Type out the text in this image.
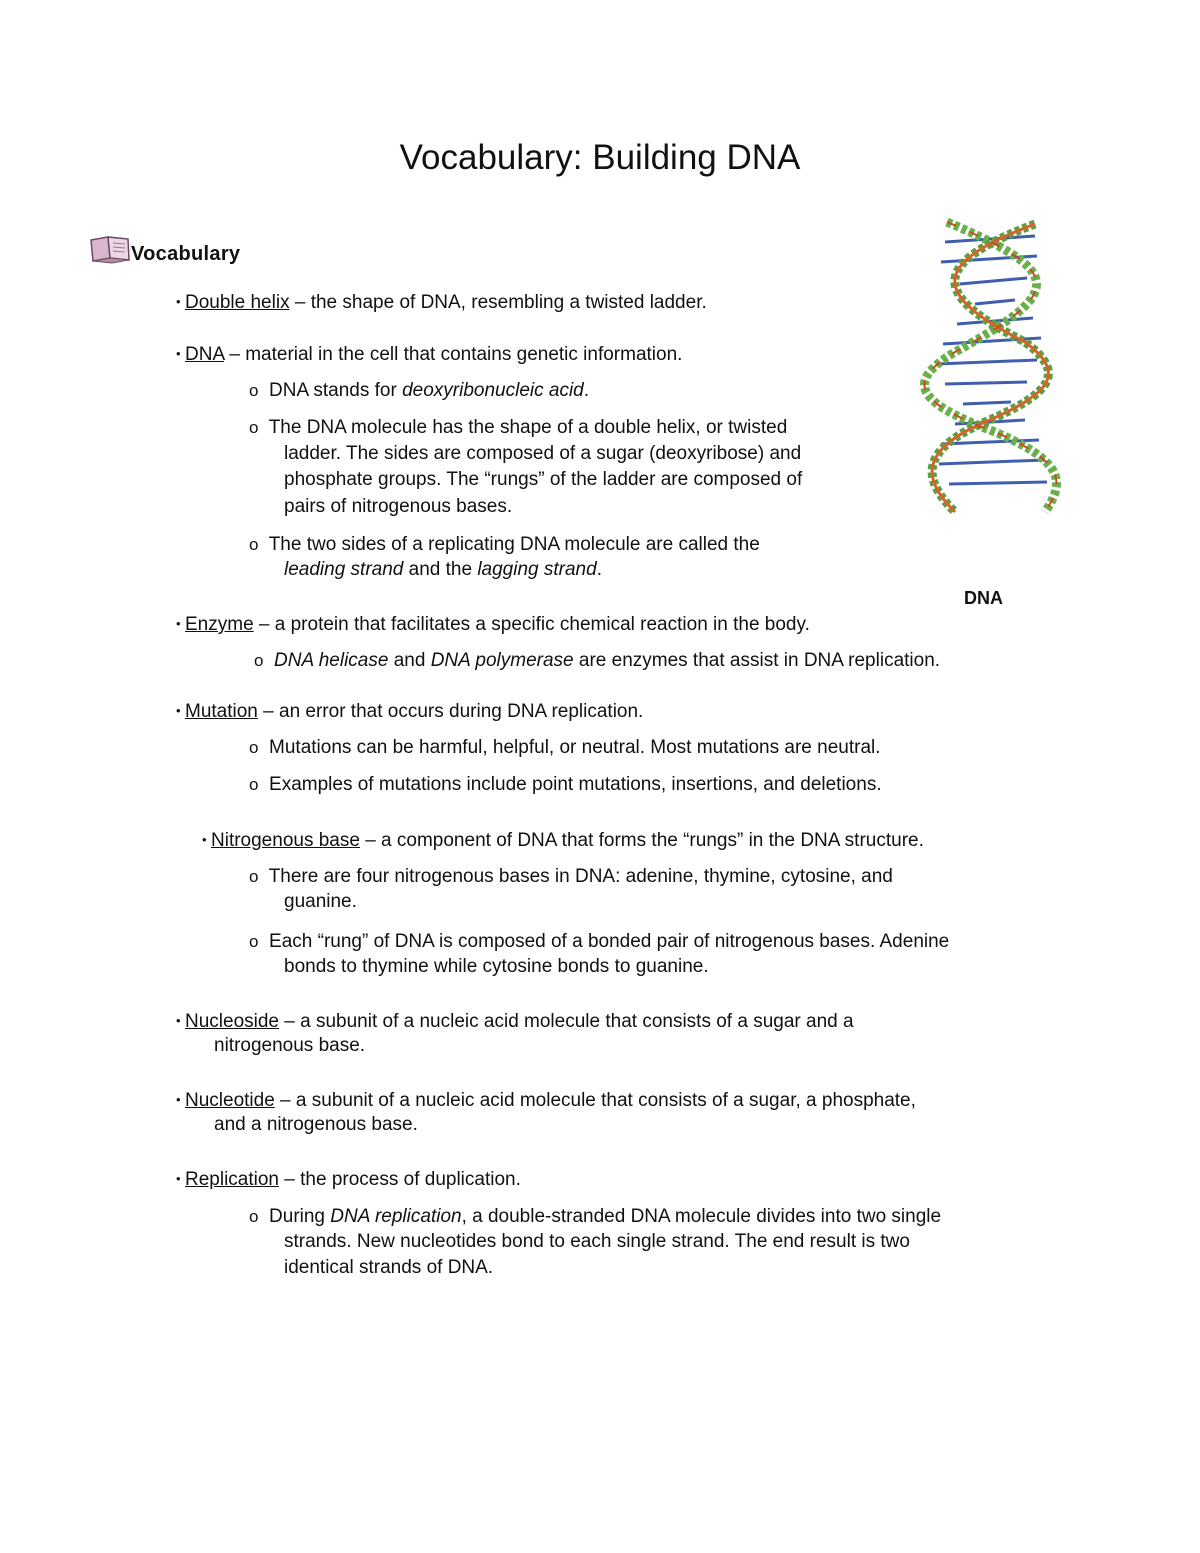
Vocabulary: Building DNA
Vocabulary
DNA
• Double helix – the shape of DNA, resembling a twisted ladder.
• DNA – material in the cell that contains genetic information.
o DNA stands for deoxyribonucleic acid.
o The DNA molecule has the shape of a double helix, or twisted
ladder. The sides are composed of a sugar (deoxyribose) and
phosphate groups. The “rungs” of the ladder are composed of
pairs of nitrogenous bases.
o The two sides of a replicating DNA molecule are called the
leading strand and the lagging strand.
• Enzyme – a protein that facilitates a specific chemical reaction in the body.
o DNA helicase and DNA polymerase are enzymes that assist in DNA replication.
• Mutation – an error that occurs during DNA replication.
o Mutations can be harmful, helpful, or neutral. Most mutations are neutral.
o Examples of mutations include point mutations, insertions, and deletions.
• Nitrogenous base – a component of DNA that forms the “rungs” in the DNA structure.
o There are four nitrogenous bases in DNA: adenine, thymine, cytosine, and
guanine.
o Each “rung” of DNA is composed of a bonded pair of nitrogenous bases. Adenine
bonds to thymine while cytosine bonds to guanine.
• Nucleoside – a subunit of a nucleic acid molecule that consists of a sugar and a
nitrogenous base.
• Nucleotide – a subunit of a nucleic acid molecule that consists of a sugar, a phosphate,
and a nitrogenous base.
• Replication – the process of duplication.
o During DNA replication, a double-stranded DNA molecule divides into two single
strands. New nucleotides bond to each single strand. The end result is two
identical strands of DNA.
